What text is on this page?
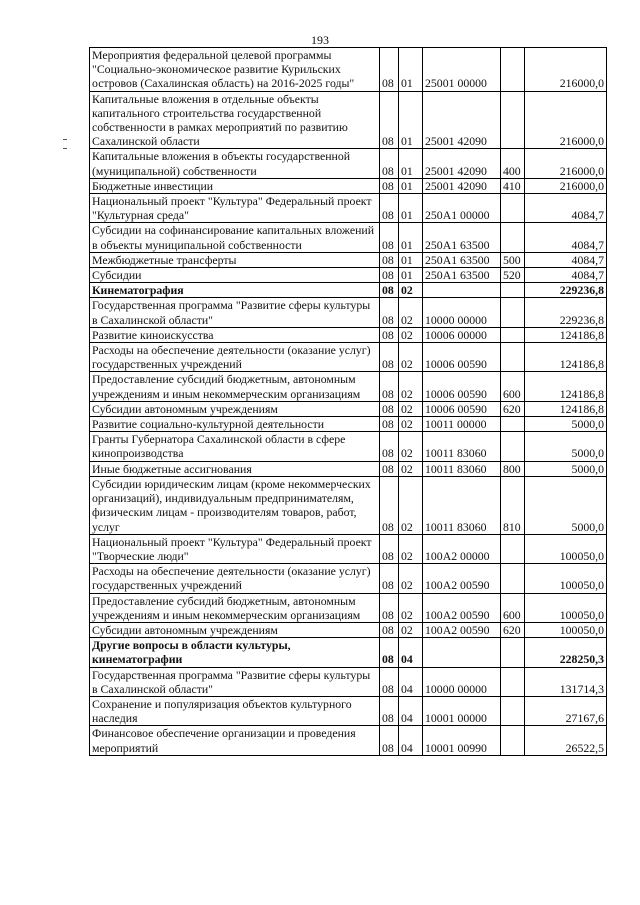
193
Мероприятия федеральной целевой программы "Социально-экономическое развитие Курильских островов (Сахалинская область) на 2016-2025 годы"	08	01	25001 00000		216000,0
Капитальные вложения в отдельные объекты капитального строительства государственной собственности в рамках мероприятий по развитию Сахалинской области	08	01	25001 42090		216000,0
Капитальные вложения в объекты государственной (муниципальной) собственности	08	01	25001 42090	400	216000,0
Бюджетные инвестиции	08	01	25001 42090	410	216000,0
Национальный проект "Культура" Федеральный проект "Культурная среда"	08	01	250А1 00000		4084,7
Субсидии на софинансирование капитальных вложений в объекты муниципальной собственности	08	01	250А1 63500		4084,7
Межбюджетные трансферты	08	01	250А1 63500	500	4084,7
Субсидии	08	01	250А1 63500	520	4084,7
Кинематография	08	02			229236,8
Государственная программа "Развитие сферы культуры в Сахалинской области"	08	02	10000 00000		229236,8
Развитие киноискусства	08	02	10006 00000		124186,8
Расходы на обеспечение деятельности (оказание услуг) государственных учреждений	08	02	10006 00590		124186,8
Предоставление субсидий бюджетным, автономным учреждениям и иным некоммерческим организациям	08	02	10006 00590	600	124186,8
Субсидии автономным учреждениям	08	02	10006 00590	620	124186,8
Развитие социально-культурной деятельности	08	02	10011 00000		5000,0
Гранты Губернатора Сахалинской области в сфере кинопроизводства	08	02	10011 83060		5000,0
Иные бюджетные ассигнования	08	02	10011 83060	800	5000,0
Субсидии юридическим лицам (кроме некоммерческих организаций), индивидуальным предпринимателям, физическим лицам - производителям товаров, работ, услуг	08	02	10011 83060	810	5000,0
Национальный проект "Культура" Федеральный проект "Творческие люди"	08	02	100А2 00000		100050,0
Расходы на обеспечение деятельности (оказание услуг) государственных учреждений	08	02	100А2 00590		100050,0
Предоставление субсидий бюджетным, автономным учреждениям и иным некоммерческим организациям	08	02	100А2 00590	600	100050,0
Субсидии автономным учреждениям	08	02	100А2 00590	620	100050,0
Другие вопросы в области культуры, кинематографии	08	04			228250,3
Государственная программа "Развитие сферы культуры в Сахалинской области"	08	04	10000 00000		131714,3
Сохранение и популяризация объектов культурного наследия	08	04	10001 00000		27167,6
Финансовое обеспечение организации и проведения мероприятий	08	04	10001 00990		26522,5
